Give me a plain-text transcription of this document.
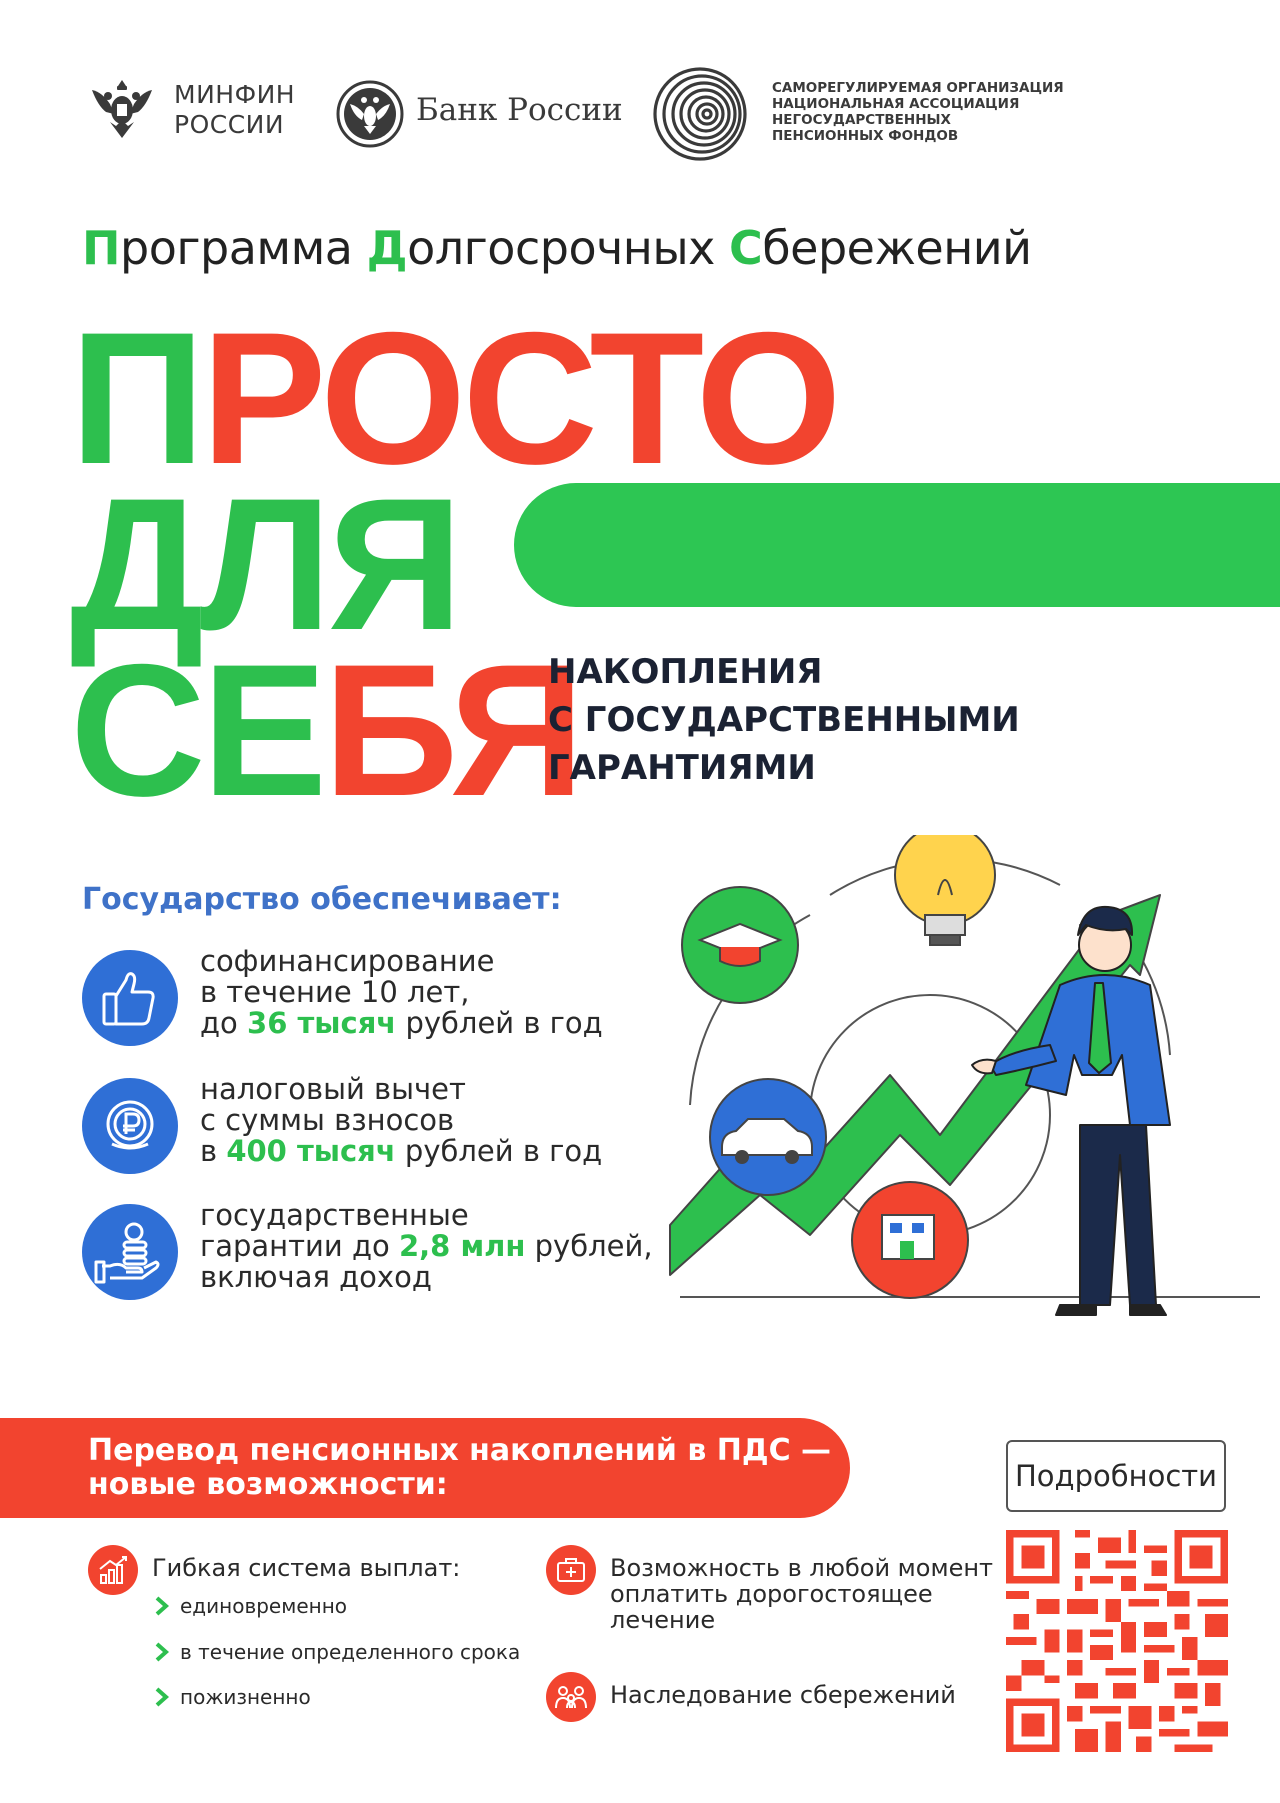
МИНФИН
РОССИИ	Банк России
САМОРЕГУЛИРУЕМАЯ ОРГАНИЗАЦИЯ
НАЦИОНАЛЬНАЯ АССОЦИАЦИЯ
НЕГОСУДАРСТВЕННЫХ
ПЕНСИОННЫХ ФОНДОВ
Программа Долгосрочных Сбережений
ПРОСТО
ДЛЯ
СЕБЯ
НАКОПЛЕНИЯ
С ГОСУДАРСТВЕННЫМИ
ГАРАНТИЯМИ
Государство обеспечивает:
софинансирование
в течение 10 лет,
до 36 тысяч рублей в год
налоговый вычет
с суммы взносов
в 400 тысяч рублей в год
государственные
гарантии до 2,8 млн рублей,
включая доход
Перевод пенсионных накоплений в ПДС —
новые возможности:	Подробности
Гибкая система выплат:
единовременно
в течение определенного срока
пожизненно
Возможность в любой момент
оплатить дорогостоящее
лечение
Наследование сбережений
